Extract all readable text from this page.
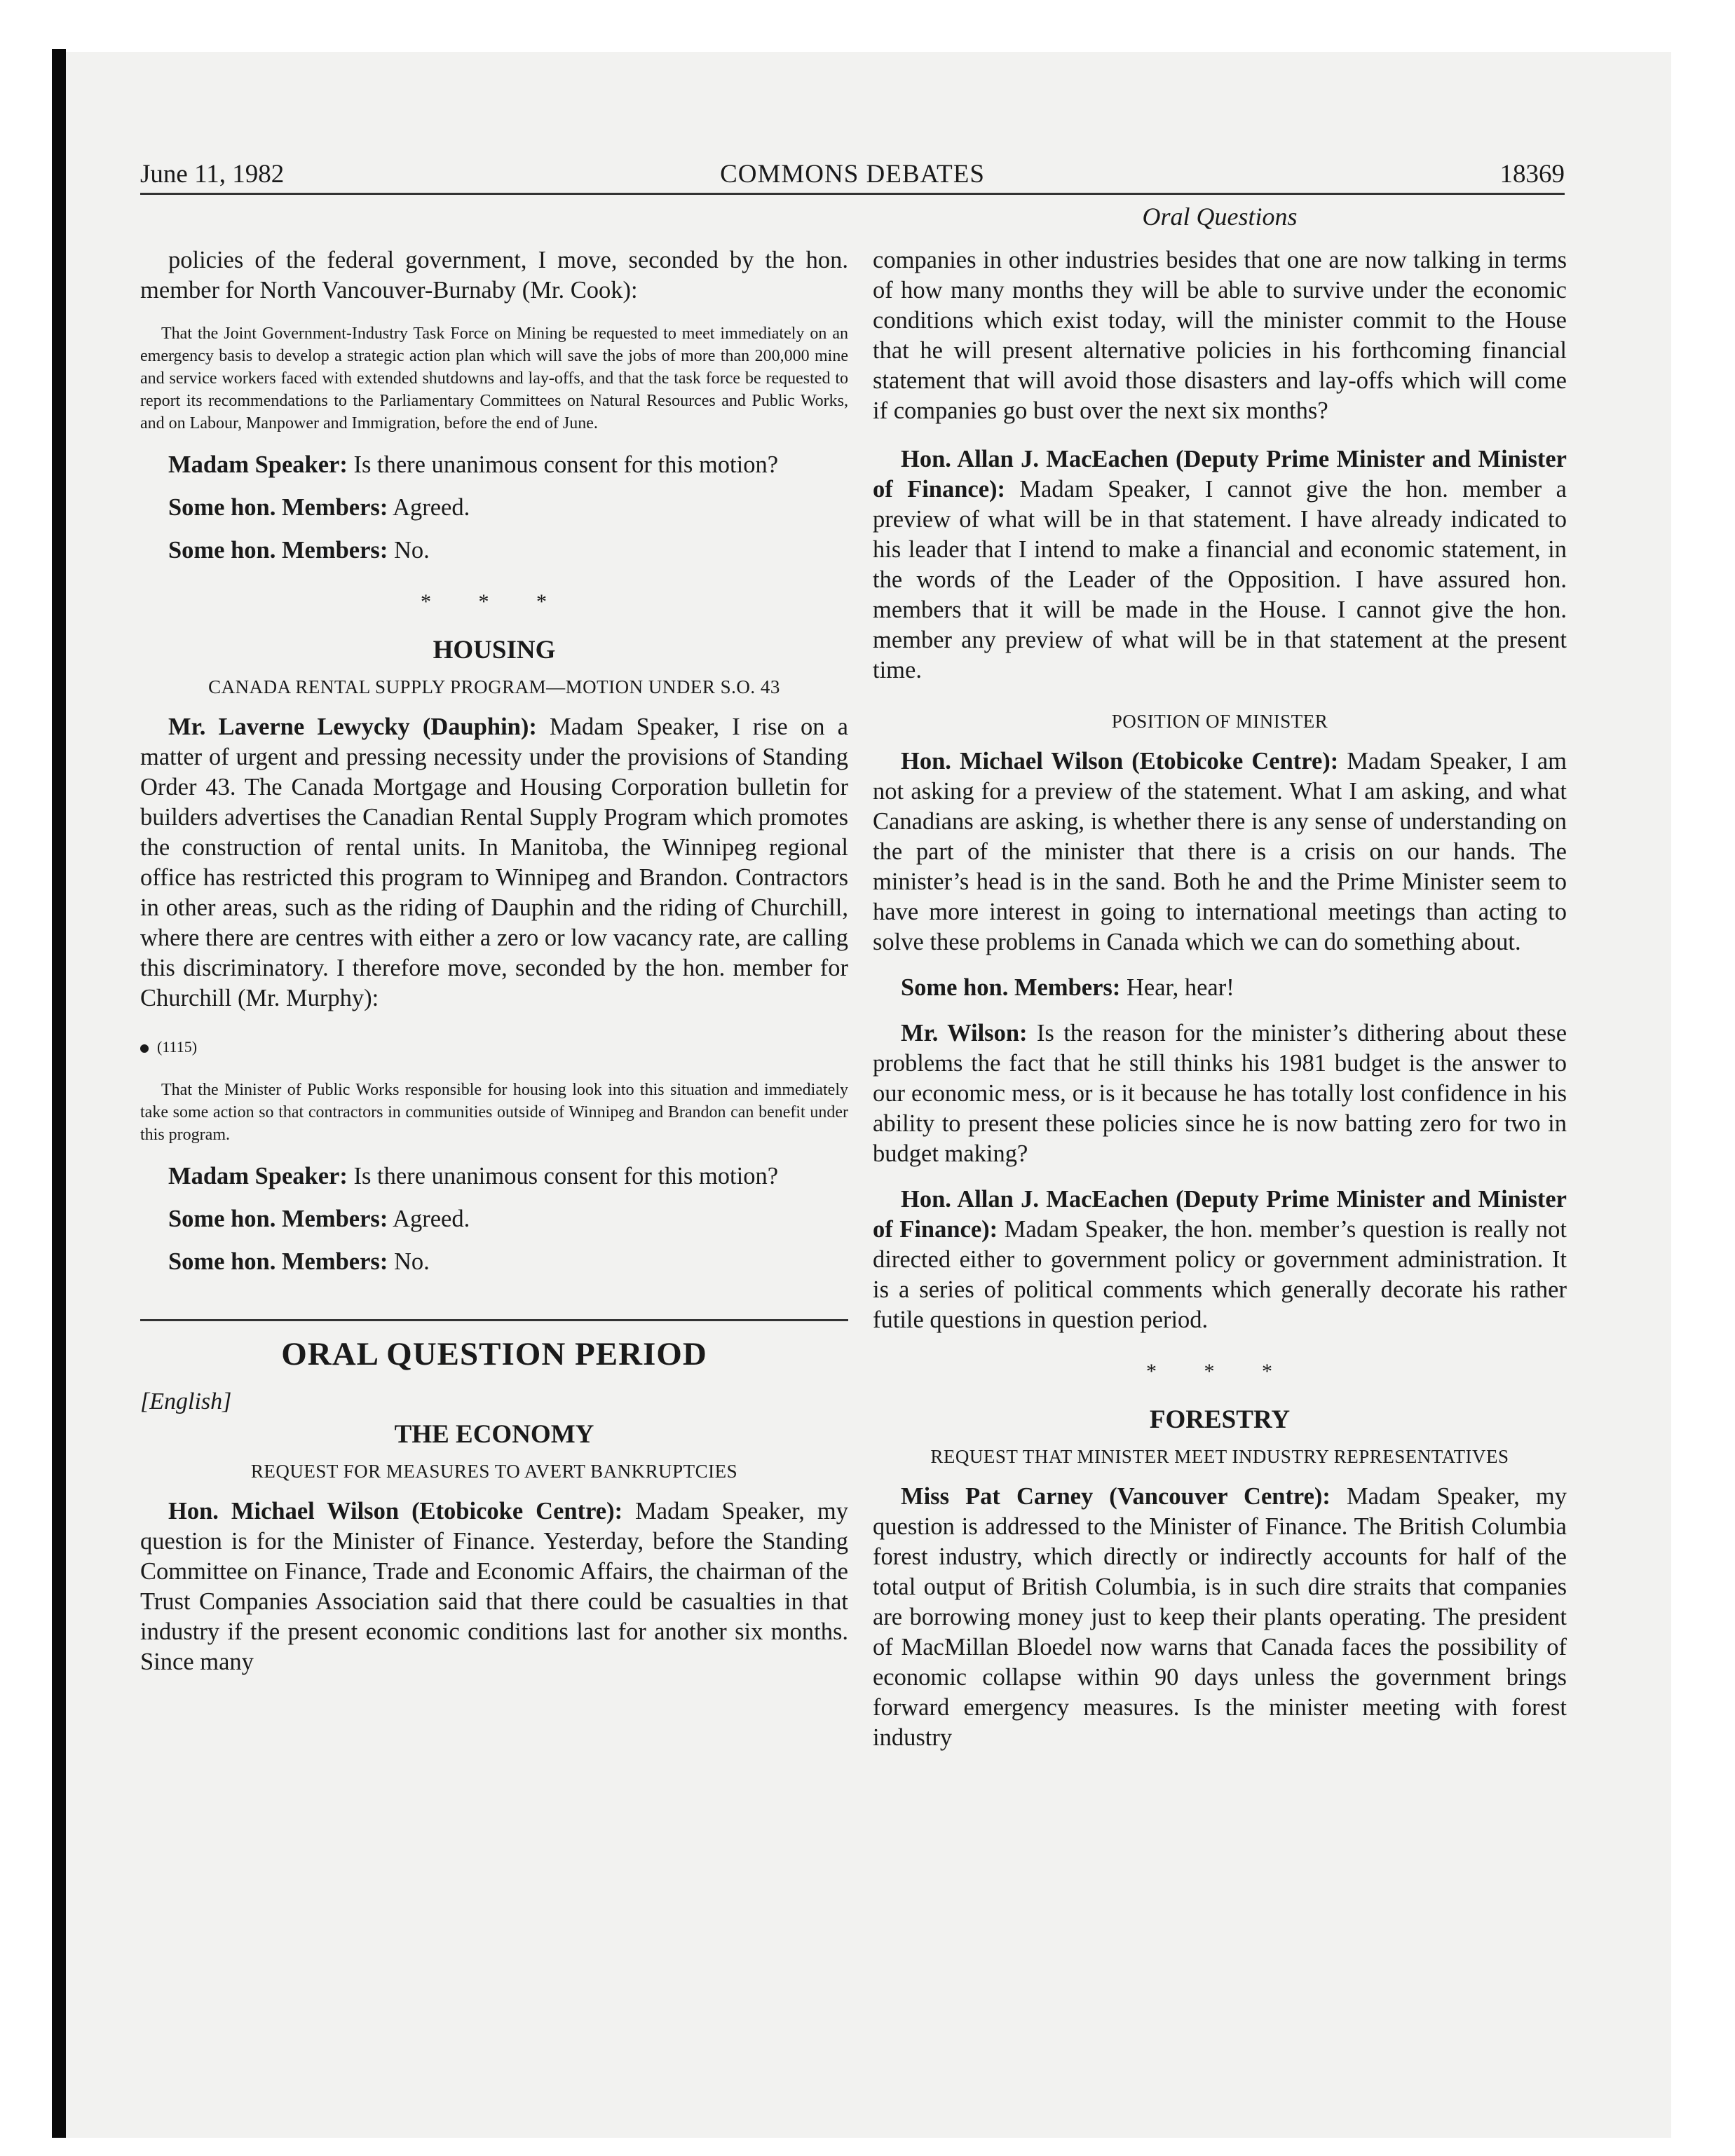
June 11, 1982	COMMONS DEBATES	18369
Oral Questions

policies of the federal government, I move, seconded by the hon. member for North Vancouver-Burnaby (Mr. Cook):

That the Joint Government-Industry Task Force on Mining be requested to meet immediately on an emergency basis to develop a strategic action plan which will save the jobs of more than 200,000 mine and service workers faced with extended shutdowns and lay-offs, and that the task force be requested to report its recommendations to the Parliamentary Committees on Natural Resources and Public Works, and on Labour, Manpower and Immigration, before the end of June.

Madam Speaker: Is there unanimous consent for this motion?

Some hon. Members: Agreed.

Some hon. Members: No.

* * *

HOUSING

CANADA RENTAL SUPPLY PROGRAM—MOTION UNDER S.O. 43

Mr. Laverne Lewycky (Dauphin): Madam Speaker, I rise on a matter of urgent and pressing necessity under the provisions of Standing Order 43. The Canada Mortgage and Housing Corporation bulletin for builders advertises the Canadian Rental Supply Program which promotes the construction of rental units. In Manitoba, the Winnipeg regional office has restricted this program to Winnipeg and Brandon. Contractors in other areas, such as the riding of Dauphin and the riding of Churchill, where there are centres with either a zero or low vacancy rate, are calling this discriminatory. I therefore move, seconded by the hon. member for Churchill (Mr. Murphy):

(1115)

That the Minister of Public Works responsible for housing look into this situation and immediately take some action so that contractors in communities outside of Winnipeg and Brandon can benefit under this program.

Madam Speaker: Is there unanimous consent for this motion?

Some hon. Members: Agreed.

Some hon. Members: No.

ORAL QUESTION PERIOD

[English]

THE ECONOMY

REQUEST FOR MEASURES TO AVERT BANKRUPTCIES

Hon. Michael Wilson (Etobicoke Centre): Madam Speaker, my question is for the Minister of Finance. Yesterday, before the Standing Committee on Finance, Trade and Economic Affairs, the chairman of the Trust Companies Association said that there could be casualties in that industry if the present economic conditions last for another six months. Since many

companies in other industries besides that one are now talking in terms of how many months they will be able to survive under the economic conditions which exist today, will the minister commit to the House that he will present alternative policies in his forthcoming financial statement that will avoid those disasters and lay-offs which will come if companies go bust over the next six months?

Hon. Allan J. MacEachen (Deputy Prime Minister and Minister of Finance): Madam Speaker, I cannot give the hon. member a preview of what will be in that statement. I have already indicated to his leader that I intend to make a financial and economic statement, in the words of the Leader of the Opposition. I have assured hon. members that it will be made in the House. I cannot give the hon. member any preview of what will be in that statement at the present time.

POSITION OF MINISTER

Hon. Michael Wilson (Etobicoke Centre): Madam Speaker, I am not asking for a preview of the statement. What I am asking, and what Canadians are asking, is whether there is any sense of understanding on the part of the minister that there is a crisis on our hands. The minister’s head is in the sand. Both he and the Prime Minister seem to have more interest in going to international meetings than acting to solve these problems in Canada which we can do something about.

Some hon. Members: Hear, hear!

Mr. Wilson: Is the reason for the minister’s dithering about these problems the fact that he still thinks his 1981 budget is the answer to our economic mess, or is it because he has totally lost confidence in his ability to present these policies since he is now batting zero for two in budget making?

Hon. Allan J. MacEachen (Deputy Prime Minister and Minister of Finance): Madam Speaker, the hon. member’s question is really not directed either to government policy or government administration. It is a series of political comments which generally decorate his rather futile questions in question period.

* * *

FORESTRY

REQUEST THAT MINISTER MEET INDUSTRY REPRESENTATIVES

Miss Pat Carney (Vancouver Centre): Madam Speaker, my question is addressed to the Minister of Finance. The British Columbia forest industry, which directly or indirectly accounts for half of the total output of British Columbia, is in such dire straits that companies are borrowing money just to keep their plants operating. The president of MacMillan Bloedel now warns that Canada faces the possibility of economic collapse within 90 days unless the government brings forward emergency measures. Is the minister meeting with forest industry
